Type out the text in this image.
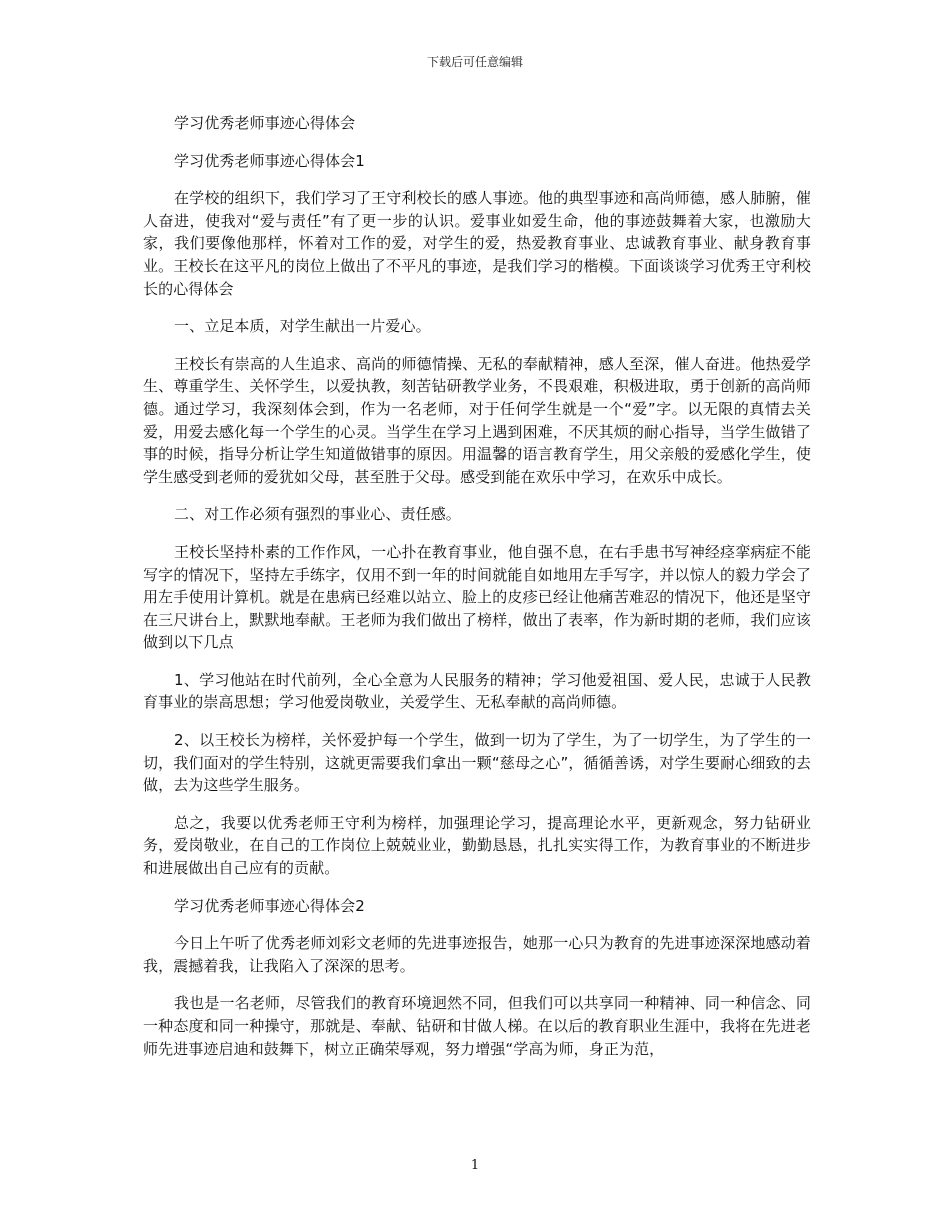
下载后可任意编辑

学习优秀老师事迹心得体会

学习优秀老师事迹心得体会1

在学校的组织下，我们学习了王守利校长的感人事迹。他的典型事迹和高尚师德，感人肺腑，催人奋进，使我对“爱与责任”有了更一步的认识。爱事业如爱生命，他的事迹鼓舞着大家，也激励大家，我们要像他那样，怀着对工作的爱，对学生的爱，热爱教育事业、忠诚教育事业、献身教育事业。王校长在这平凡的岗位上做出了不平凡的事迹，是我们学习的楷模。下面谈谈学习优秀王守利校长的心得体会

一、立足本质，对学生献出一片爱心。

王校长有崇高的人生追求、高尚的师德情操、无私的奉献精神，感人至深，催人奋进。他热爱学生、尊重学生、关怀学生，以爱执教，刻苦钻研教学业务，不畏艰难，积极进取，勇于创新的高尚师德。通过学习，我深刻体会到，作为一名老师，对于任何学生就是一个“爱”字。以无限的真情去关爱，用爱去感化每一个学生的心灵。当学生在学习上遇到困难，不厌其烦的耐心指导，当学生做错了事的时候，指导分析让学生知道做错事的原因。用温馨的语言教育学生，用父亲般的爱感化学生，使学生感受到老师的爱犹如父母，甚至胜于父母。感受到能在欢乐中学习，在欢乐中成长。

二、对工作必须有强烈的事业心、责任感。

王校长坚持朴素的工作作风，一心扑在教育事业，他自强不息，在右手患书写神经痉挛病症不能写字的情况下，坚持左手练字，仅用不到一年的时间就能自如地用左手写字，并以惊人的毅力学会了用左手使用计算机。就是在患病已经难以站立、脸上的皮疹已经让他痛苦难忍的情况下，他还是坚守在三尺讲台上，默默地奉献。王老师为我们做出了榜样，做出了表率，作为新时期的老师，我们应该做到以下几点

1、学习他站在时代前列，全心全意为人民服务的精神；学习他爱祖国、爱人民，忠诚于人民教育事业的崇高思想；学习他爱岗敬业，关爱学生、无私奉献的高尚师德。

2、以王校长为榜样，关怀爱护每一个学生，做到一切为了学生，为了一切学生，为了学生的一切，我们面对的学生特别，这就更需要我们拿出一颗“慈母之心”，循循善诱，对学生要耐心细致的去做，去为这些学生服务。

总之，我要以优秀老师王守利为榜样，加强理论学习，提高理论水平，更新观念，努力钻研业务，爱岗敬业，在自己的工作岗位上兢兢业业，勤勤恳恳，扎扎实实得工作，为教育事业的不断进步和进展做出自己应有的贡献。

学习优秀老师事迹心得体会2

今日上午听了优秀老师刘彩文老师的先进事迹报告，她那一心只为教育的先进事迹深深地感动着我，震撼着我，让我陷入了深深的思考。

我也是一名老师，尽管我们的教育环境迥然不同，但我们可以共享同一种精神、同一种信念、同一种态度和同一种操守，那就是、奉献、钻研和甘做人梯。在以后的教育职业生涯中，我将在先进老师先进事迹启迪和鼓舞下，树立正确荣辱观，努力增强“学高为师，身正为范，

1
